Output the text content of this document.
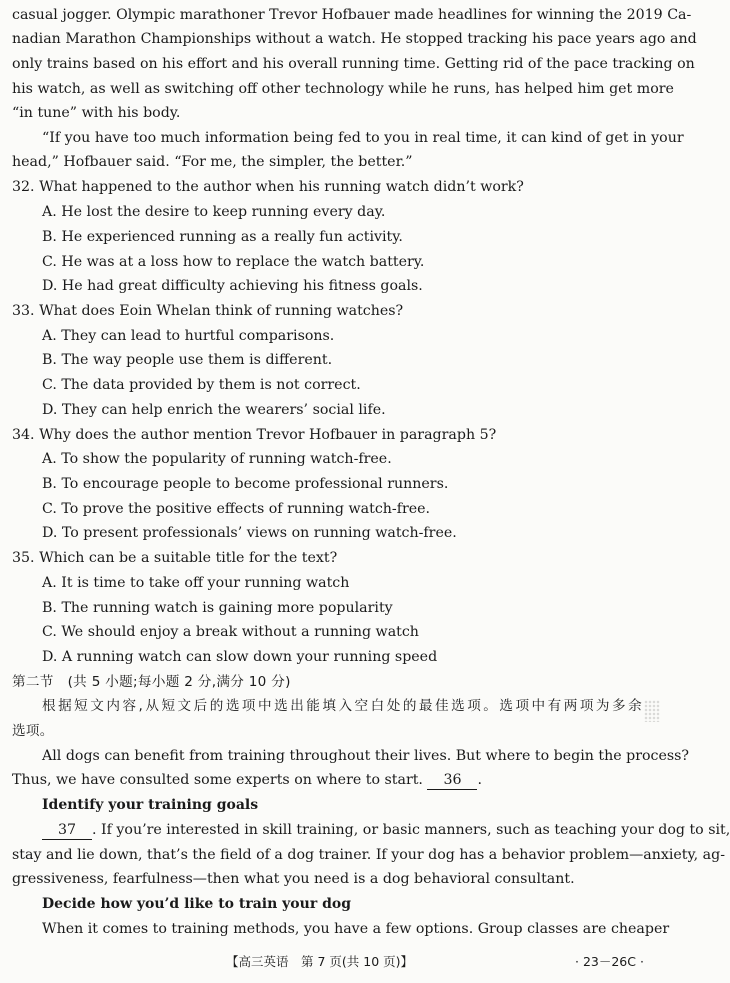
casual jogger. Olympic marathoner Trevor Hofbauer made headlines for winning the 2019 Ca-
nadian Marathon Championships without a watch. He stopped tracking his pace years ago and
only trains based on his effort and his overall running time. Getting rid of the pace tracking on
his watch, as well as switching off other technology while he runs, has helped him get more
“in tune” with his body.
“If you have too much information being fed to you in real time, it can kind of get in your
head,” Hofbauer said. “For me, the simpler, the better.”
32. What happened to the author when his running watch didn’t work?
A. He lost the desire to keep running every day.
B. He experienced running as a really fun activity.
C. He was at a loss how to replace the watch battery.
D. He had great difficulty achieving his fitness goals.
33. What does Eoin Whelan think of running watches?
A. They can lead to hurtful comparisons.
B. The way people use them is different.
C. The data provided by them is not correct.
D. They can help enrich the wearers’ social life.
34. Why does the author mention Trevor Hofbauer in paragraph 5?
A. To show the popularity of running watch-free.
B. To encourage people to become professional runners.
C. To prove the positive effects of running watch-free.
D. To present professionals’ views on running watch-free.
35. Which can be a suitable title for the text?
A. It is time to take off your running watch
B. The running watch is gaining more popularity
C. We should enjoy a break without a running watch
D. A running watch can slow down your running speed
第二节　(共 5 小题;每小题 2 分,满分 10 分)
根据短文内容,从短文后的选项中选出能填入空白处的最佳选项。选项中有两项为多余
选项。
All dogs can benefit from training throughout their lives. But where to begin the process?
Thus, we have consulted some experts on where to start. 36 .
Identify your training goals
37 . If you’re interested in skill training, or basic manners, such as teaching your dog to sit,
stay and lie down, that’s the field of a dog trainer. If your dog has a behavior problem—anxiety, ag-
gressiveness, fearfulness—then what you need is a dog behavioral consultant.
Decide how you’d like to train your dog
When it comes to training methods, you have a few options. Group classes are cheaper
【高三英语　第 7 页(共 10 页)】	· 23－26C ·
